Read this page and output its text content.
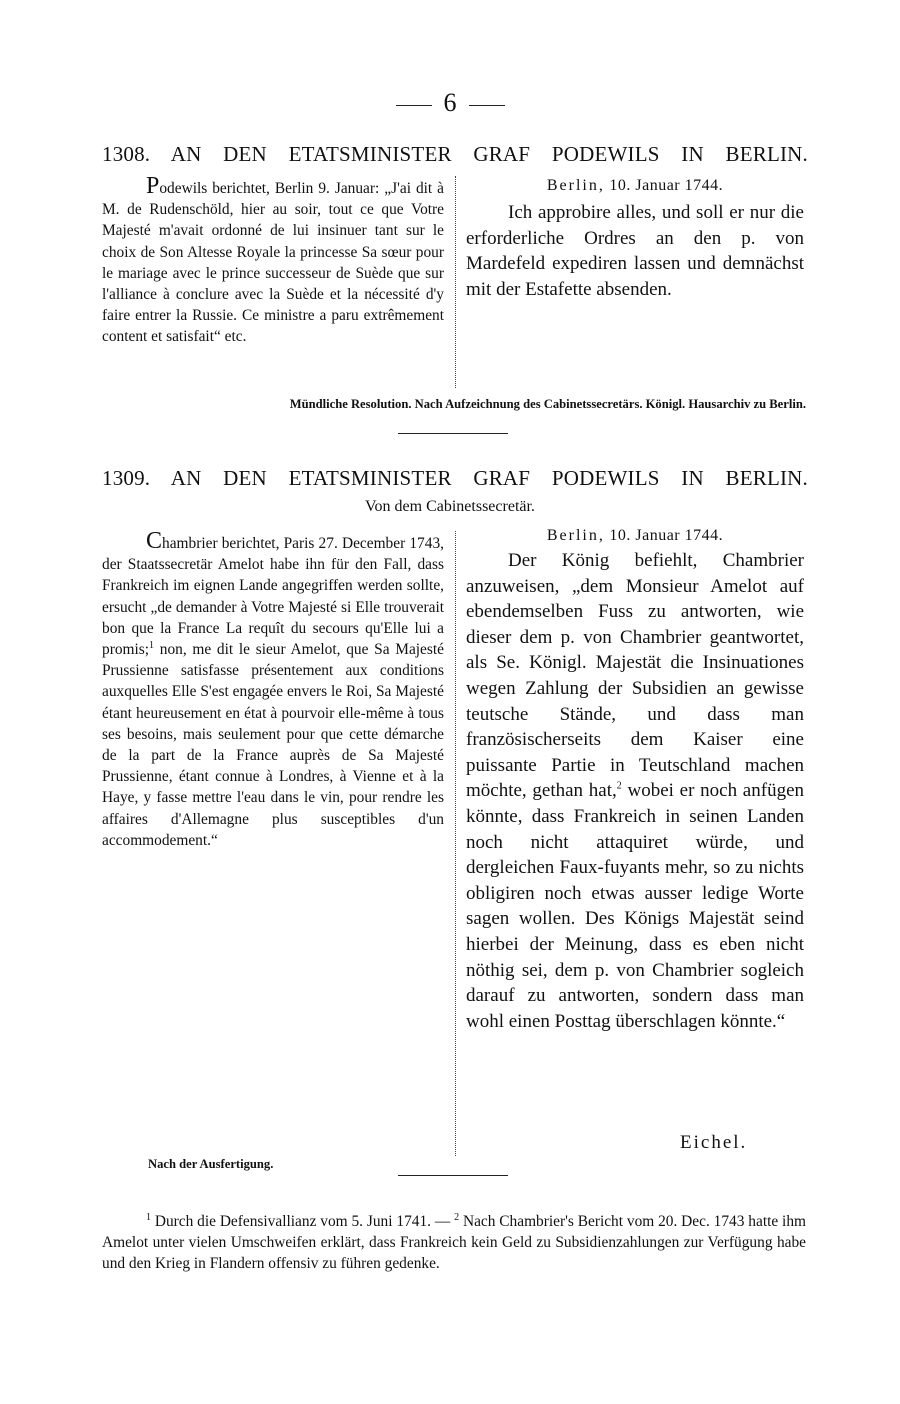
6
1308. AN DEN ETATSMINISTER GRAF PODEWILS IN BERLIN.

Podewils berichtet, Berlin 9. Januar: „J'ai dit à M. de Rudenschöld, hier au soir, tout ce que Votre Majesté m'avait ordonné de lui insinuer tant sur le choix de Son Altesse Royale la princesse Sa sœur pour le mariage avec le prince successeur de Suède que sur l'alliance à conclure avec la Suède et la nécessité d'y faire entrer la Russie. Ce ministre a paru extrêmement content et satisfait“ etc.

Berlin, 10. Januar 1744.

Ich approbire alles, und soll er nur die erforderliche Ordres an den p. von Mardefeld expediren lassen und demnächst mit der Estafette absenden.

Mündliche Resolution. Nach Aufzeichnung des Cabinetssecretärs. Königl. Hausarchiv zu Berlin.
1309. AN DEN ETATSMINISTER GRAF PODEWILS IN BERLIN.
Von dem Cabinetssecretär.

Chambrier berichtet, Paris 27. December 1743, der Staatssecretär Amelot habe ihn für den Fall, dass Frankreich im eignen Lande angegriffen werden sollte, ersucht „de demander à Votre Majesté si Elle trouverait bon que la France La requît du secours qu'Elle lui a promis;$^1$ non, me dit le sieur Amelot, que Sa Majesté Prussienne satisfasse présentement aux conditions auxquelles Elle S'est engagée envers le Roi, Sa Majesté étant heureusement en état à pourvoir elle-même à tous ses besoins, mais seulement pour que cette démarche de la part de la France auprès de Sa Majesté Prussienne, étant connue à Londres, à Vienne et à la Haye, y fasse mettre l'eau dans le vin, pour rendre les affaires d'Allemagne plus susceptibles d'un accommodement.“

Berlin, 10. Januar 1744.

Der König befiehlt, Chambrier anzuweisen, „dem Monsieur Amelot auf ebendemselben Fuss zu antworten, wie dieser dem p. von Chambrier geantwortet, als Se. Königl. Majestät die Insinuationes wegen Zahlung der Subsidien an gewisse teutsche Stände, und dass man französischerseits dem Kaiser eine puissante Partie in Teutschland machen möchte, gethan hat,$^2$ wobei er noch anfügen könnte, dass Frankreich in seinen Landen noch nicht attaquiret würde, und dergleichen Faux-fuyants mehr, so zu nichts obligiren noch etwas ausser ledige Worte sagen wollen. Des Königs Majestät seind hierbei der Meinung, dass es eben nicht nöthig sei, dem p. von Chambrier sogleich darauf zu antworten, sondern dass man wohl einen Posttag überschlagen könnte.“

Eichel.
Nach der Ausfertigung.
$^1$ Durch die Defensivallianz vom 5. Juni 1741. — $^2$ Nach Chambrier's Bericht vom 20. Dec. 1743 hatte ihm Amelot unter vielen Umschweifen erklärt, dass Frankreich kein Geld zu Subsidienzahlungen zur Verfügung habe und den Krieg in Flandern offensiv zu führen gedenke.
